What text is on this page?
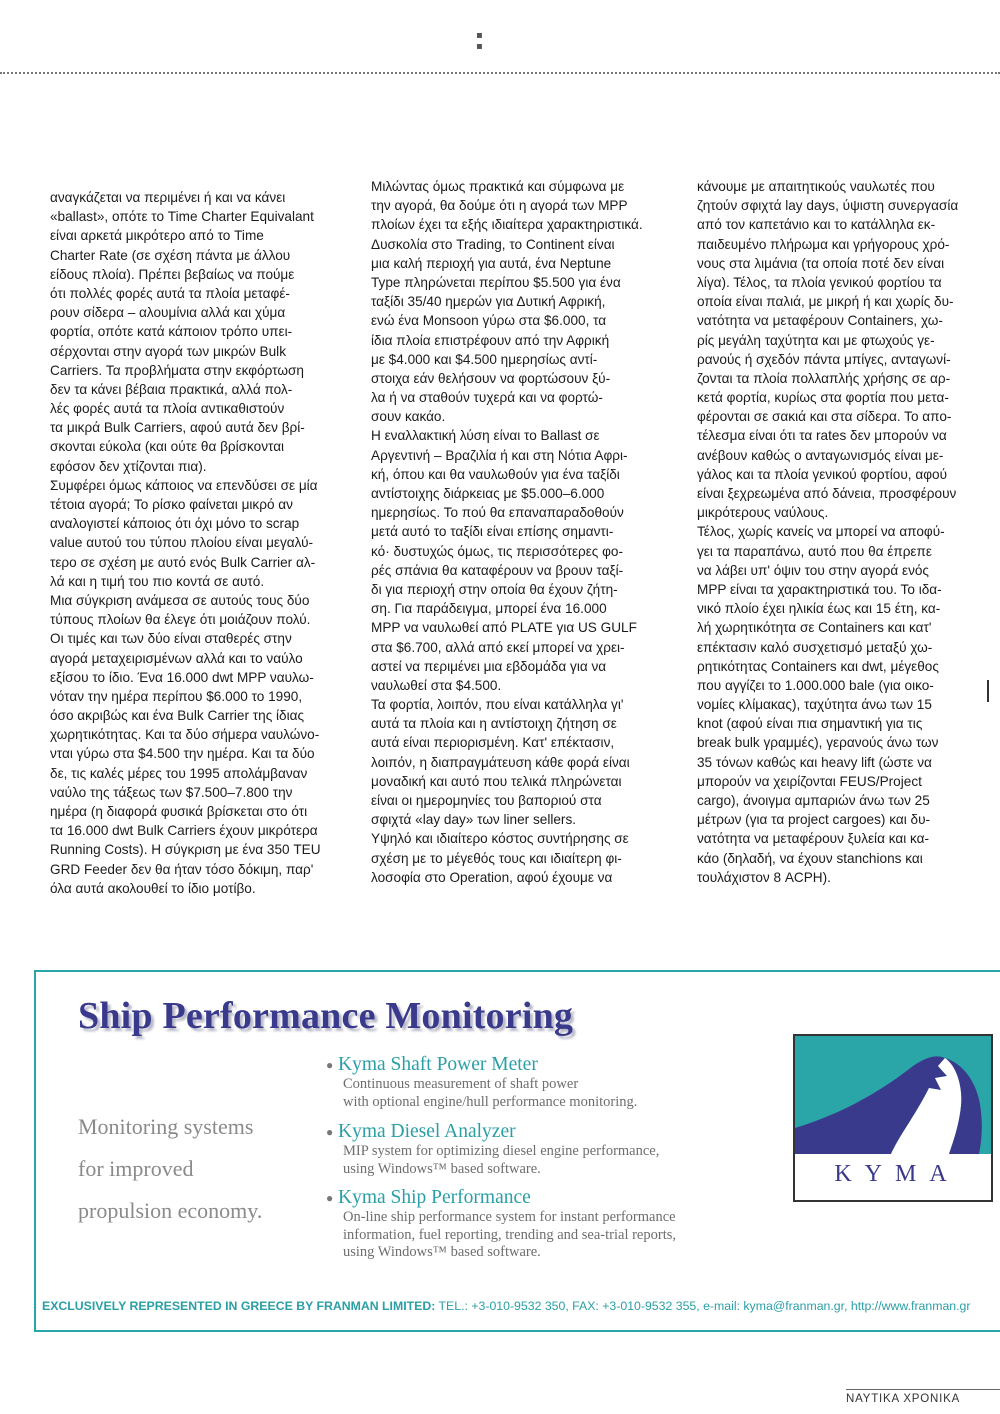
▪ ▪
αναγκάζεται να περιμένει ή και να κάνει
«ballast», οπότε το Time Charter Equivalant
είναι αρκετά μικρότερο από το Time
Charter Rate (σε σχέση πάντα με άλλου
είδους πλοία). Πρέπει βεβαίως να πούμε
ότι πολλές φορές αυτά τα πλοία μεταφέ-
ρουν σίδερα – αλουμίνια αλλά και χύμα
φορτία, οπότε κατά κάποιον τρόπο υπει-
σέρχονται στην αγορά των μικρών Bulk
Carriers. Τα προβλήματα στην εκφόρτωση
δεν τα κάνει βέβαια πρακτικά, αλλά πολ-
λές φορές αυτά τα πλοία αντικαθιστούν
τα μικρά Bulk Carriers, αφού αυτά δεν βρί-
σκονται εύκολα (και ούτε θα βρίσκονται
εφόσον δεν χτίζονται πια).
Συμφέρει όμως κάποιος να επενδύσει σε μία
τέτοια αγορά; Το ρίσκο φαίνεται μικρό αν
αναλογιστεί κάποιος ότι όχι μόνο το scrap
value αυτού του τύπου πλοίου είναι μεγαλύ-
τερο σε σχέση με αυτό ενός Bulk Carrier αλ-
λά και η τιμή του πιο κοντά σε αυτό.
Μια σύγκριση ανάμεσα σε αυτούς τους δύο
τύπους πλοίων θα έλεγε ότι μοιάζουν πολύ.
Οι τιμές και των δύο είναι σταθερές στην
αγορά μεταχειρισμένων αλλά και το ναύλο
εξίσου το ίδιο. Ένα 16.000 dwt MPP ναυλω-
νόταν την ημέρα περίπου $6.000 το 1990,
όσο ακριβώς και ένα Bulk Carrier της ίδιας
χωρητικότητας. Και τα δύο σήμερα ναυλώνο-
νται γύρω στα $4.500 την ημέρα. Και τα δύο
δε, τις καλές μέρες του 1995 απολάμβαναν
ναύλο της τάξεως των $7.500–7.800 την
ημέρα (η διαφορά φυσικά βρίσκεται στο ότι
τα 16.000 dwt Bulk Carriers έχουν μικρότερα
Running Costs). Η σύγκριση με ένα 350 TEU
GRD Feeder δεν θα ήταν τόσο δόκιμη, παρ'
όλα αυτά ακολουθεί το ίδιο μοτίβο.
Μιλώντας όμως πρακτικά και σύμφωνα με
την αγορά, θα δούμε ότι η αγορά των MPP
πλοίων έχει τα εξής ιδιαίτερα χαρακτηριστικά.
Δυσκολία στο Trading, το Continent είναι
μια καλή περιοχή για αυτά, ένα Neptune
Type πληρώνεται περίπου $5.500 για ένα
ταξίδι 35/40 ημερών για Δυτική Αφρική,
ενώ ένα Monsoon γύρω στα $6.000, τα
ίδια πλοία επιστρέφουν από την Αφρική
με $4.000 και $4.500 ημερησίως αντί-
στοιχα εάν θελήσουν να φορτώσουν ξύ-
λα ή να σταθούν τυχερά και να φορτώ-
σουν κακάο.
Η εναλλακτική λύση είναι το Ballast σε
Αργεντινή – Βραζιλία ή και στη Νότια Αφρι-
κή, όπου και θα ναυλωθούν για ένα ταξίδι
αντίστοιχης διάρκειας με $5.000–6.000
ημερησίως. Το πού θα επαναπαραδοθούν
μετά αυτό το ταξίδι είναι επίσης σημαντι-
κό· δυστυχώς όμως, τις περισσότερες φο-
ρές σπάνια θα καταφέρουν να βρουν ταξί-
δι για περιοχή στην οποία θα έχουν ζήτη-
ση. Για παράδειγμα, μπορεί ένα 16.000
MPP να ναυλωθεί από PLATE για US GULF
στα $6.700, αλλά από εκεί μπορεί να χρει-
αστεί να περιμένει μια εβδομάδα για να
ναυλωθεί στα $4.500.
Τα φορτία, λοιπόν, που είναι κατάλληλα γι'
αυτά τα πλοία και η αντίστοιχη ζήτηση σε
αυτά είναι περιορισμένη. Κατ' επέκτασιν,
λοιπόν, η διαπραγμάτευση κάθε φορά είναι
μοναδική και αυτό που τελικά πληρώνεται
είναι οι ημερομηνίες του βαποριού στα
σφιχτά «lay day» των liner sellers.
Υψηλό και ιδιαίτερο κόστος συντήρησης σε
σχέση με το μέγεθός τους και ιδιαίτερη φι-
λοσοφία στο Operation, αφού έχουμε να
κάνουμε με απαιτητικούς ναυλωτές που
ζητούν σφιχτά lay days, ύψιστη συνεργασία
από τον καπετάνιο και το κατάλληλα εκ-
παιδευμένο πλήρωμα και γρήγορους χρό-
νους στα λιμάνια (τα οποία ποτέ δεν είναι
λίγα). Τέλος, τα πλοία γενικού φορτίου τα
οποία είναι παλιά, με μικρή ή και χωρίς δυ-
νατότητα να μεταφέρουν Containers, χω-
ρίς μεγάλη ταχύτητα και με φτωχούς γε-
ρανούς ή σχεδόν πάντα μπίγες, ανταγωνί-
ζονται τα πλοία πολλαπλής χρήσης σε αρ-
κετά φορτία, κυρίως στα φορτία που μετα-
φέρονται σε σακιά και στα σίδερα. Το απο-
τέλεσμα είναι ότι τα rates δεν μπορούν να
ανέβουν καθώς ο ανταγωνισμός είναι με-
γάλος και τα πλοία γενικού φορτίου, αφού
είναι ξεχρεωμένα από δάνεια, προσφέρουν
μικρότερους ναύλους.
Τέλος, χωρίς κανείς να μπορεί να αποφύ-
γει τα παραπάνω, αυτό που θα έπρεπε
να λάβει υπ' όψιν του στην αγορά ενός
MPP είναι τα χαρακτηριστικά του. Το ιδα-
νικό πλοίο έχει ηλικία έως και 15 έτη, κα-
λή χωρητικότητα σε Containers και κατ'
επέκτασιν καλό συσχετισμό μεταξύ χω-
ρητικότητας Containers και dwt, μέγεθος
που αγγίζει το 1.000.000 bale (για οικο-
νομίες κλίμακας), ταχύτητα άνω των 15
knot (αφού είναι πια σημαντική για τις
break bulk γραμμές), γερανούς άνω των
35 τόνων καθώς και heavy lift (ώστε να
μπορούν να χειρίζονται FEUS/Project
cargo), άνοιγμα αμπαριών άνω των 25
μέτρων (για τα project cargoes) και δυ-
νατότητα να μεταφέρουν ξυλεία και κα-
κάο (δηλαδή, να έχουν stanchions και
τουλάχιστον 8 ACPH).
Ship Performance Monitoring
Monitoring systems
for improved
propulsion economy.
● Kyma Shaft Power Meter
Continuous measurement of shaft power
with optional engine/hull performance monitoring.
● Kyma Diesel Analyzer
MIP system for optimizing diesel engine performance,
using Windows™ based software.
● Kyma Ship Performance
On-line ship performance system for instant performance
information, fuel reporting, trending and sea-trial reports,
using Windows™ based software.
KYMA
EXCLUSIVELY REPRESENTED IN GREECE BY FRANMAN LIMITED: TEL.: +3-010-9532 350, FAX: +3-010-9532 355, e-mail: kyma@franman.gr, http://www.franman.gr
ΝΑΥΤΙΚΑ ΧΡΟΝΙΚΑ
